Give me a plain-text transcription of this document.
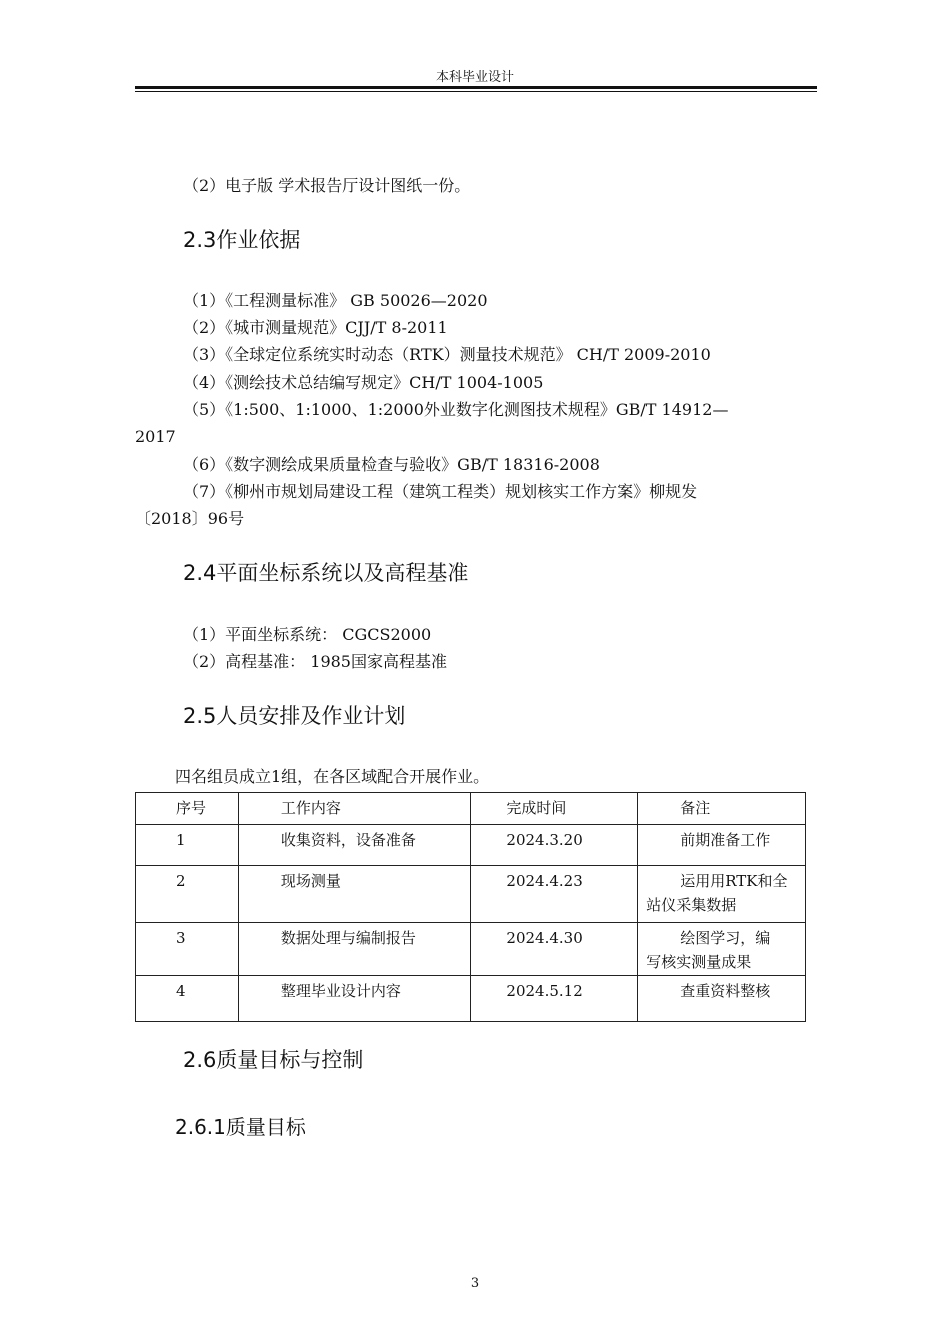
本科毕业设计
（2）电子版 学术报告厅设计图纸一份。
2.3作业依据
（1）《工程测量标准》 GB 50026—2020
（2）《城市测量规范》CJJ/T 8-2011
（3）《全球定位系统实时动态（RTK）测量技术规范》 CH/T 2009-2010
（4）《测绘技术总结编写规定》CH/T 1004-1005
（5）《1:500、1:1000、1:2000外业数字化测图技术规程》GB/T 14912—
2017
（6）《数字测绘成果质量检查与验收》GB/T 18316-2008
（7）《柳州市规划局建设工程（建筑工程类）规划核实工作方案》柳规发
〔2018〕96号
2.4平面坐标系统以及高程基准
（1）平面坐标系统： CGCS2000
（2）高程基准： 1985国家高程基准
2.5人员安排及作业计划
四名组员成立1组，在各区域配合开展作业。
序号	工作内容	完成时间	备注
1	收集资料，设备准备	2024.3.20	前期准备工作
2	现场测量	2024.4.23	运用用RTK和全
站仪采集数据
3	数据处理与编制报告	2024.4.30	绘图学习，编
写核实测量成果
4	整理毕业设计内容	2024.5.12	查重资料整核
2.6质量目标与控制
2.6.1质量目标
3
